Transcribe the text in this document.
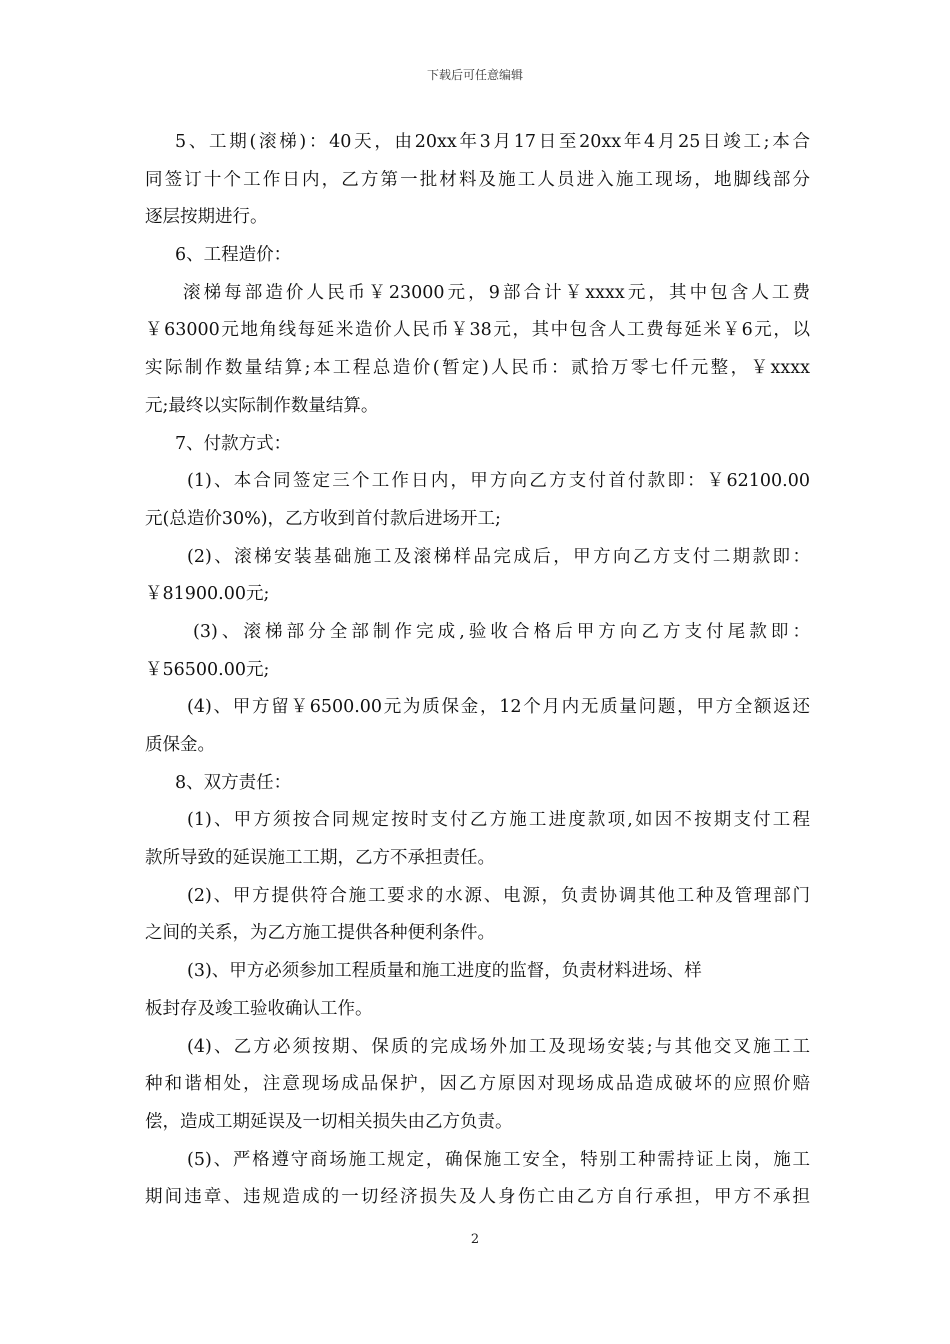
下载后可任意编辑
5、工期(滚梯)：40天，由20xx年3月17日至20xx年4月25日竣工;本合
同签订十个工作日内，乙方第一批材料及施工人员进入施工现场，地脚线部分
逐层按期进行。
6、工程造价：
滚梯每部造价人民币￥23000元，9部合计￥xxxx元，其中包含人工费
￥63000元地角线每延米造价人民币￥38元，其中包含人工费每延米￥6元，以
实际制作数量结算;本工程总造价(暂定)人民币：贰拾万零七仟元整，￥xxxx
元;最终以实际制作数量结算。
7、付款方式：
(1)、本合同签定三个工作日内，甲方向乙方支付首付款即：￥62100.00
元(总造价30%)，乙方收到首付款后进场开工;
(2)、滚梯安装基础施工及滚梯样品完成后，甲方向乙方支付二期款即：
￥81900.00元;
(3)、滚梯部分全部制作完成,验收合格后甲方向乙方支付尾款即：
￥56500.00元;
(4)、甲方留￥6500.00元为质保金，12个月内无质量问题，甲方全额返还
质保金。
8、双方责任：
(1)、甲方须按合同规定按时支付乙方施工进度款项,如因不按期支付工程
款所导致的延误施工工期，乙方不承担责任。
(2)、甲方提供符合施工要求的水源、电源，负责协调其他工种及管理部门
之间的关系，为乙方施工提供各种便利条件。
(3)、甲方必须参加工程质量和施工进度的监督，负责材料进场、样
板封存及竣工验收确认工作。
(4)、乙方必须按期、保质的完成场外加工及现场安装;与其他交叉施工工
种和谐相处，注意现场成品保护，因乙方原因对现场成品造成破坏的应照价赔
偿，造成工期延误及一切相关损失由乙方负责。
(5)、严格遵守商场施工规定，确保施工安全，特别工种需持证上岗，施工
期间违章、违规造成的一切经济损失及人身伤亡由乙方自行承担，甲方不承担
2
